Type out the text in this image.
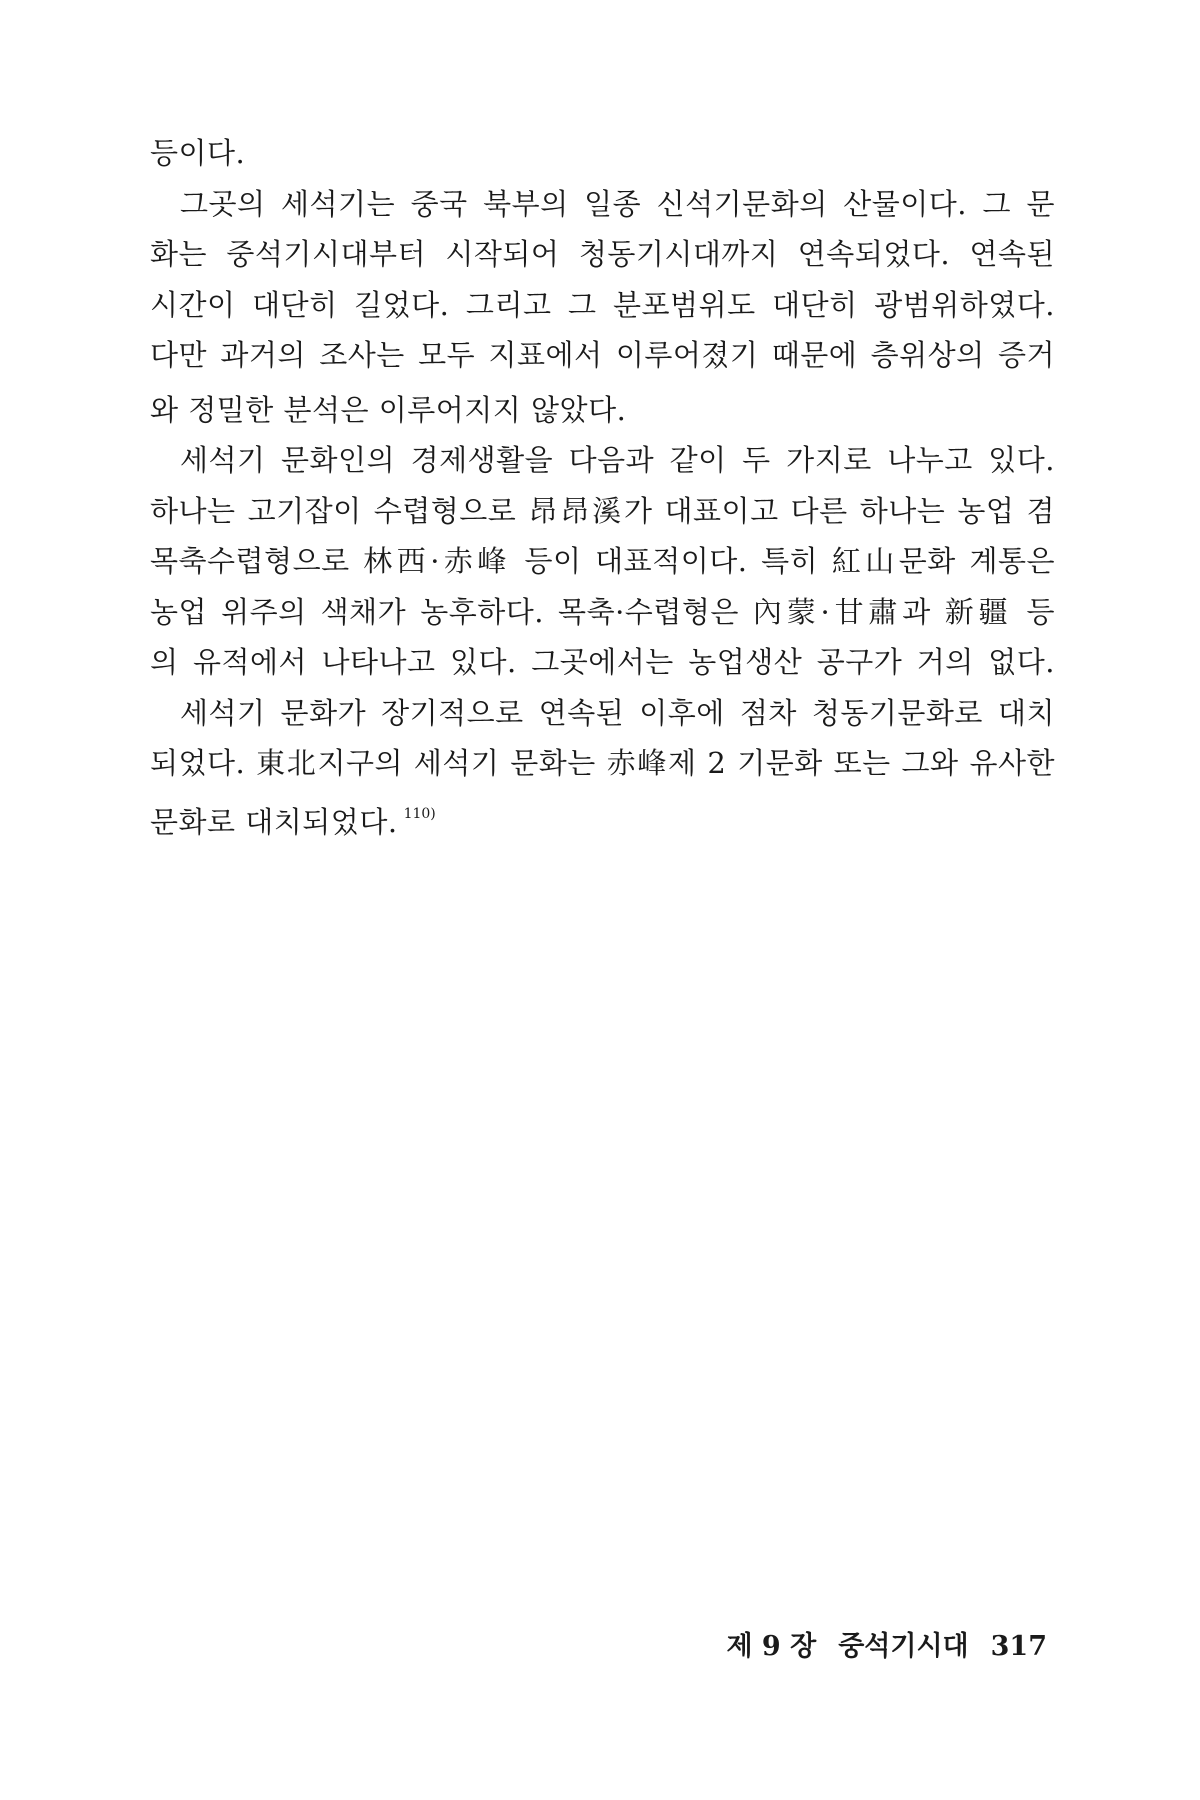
등이다.

그곳의 세석기는 중국 북부의 일종 신석기문화의 산물이다. 그 문
화는 중석기시대부터 시작되어 청동기시대까지 연속되었다. 연속된
시간이 대단히 길었다. 그리고 그 분포범위도 대단히 광범위하였다.
다만 과거의 조사는 모두 지표에서 이루어졌기 때문에 층위상의 증거
와 정밀한 분석은 이루어지지 않았다.

세석기 문화인의 경제생활을 다음과 같이 두 가지로 나누고 있다.
하나는 고기잡이 수렵형으로 昂昂溪가 대표이고 다른 하나는 농업 겸
목축수렵형으로 林西·赤峰 등이 대표적이다. 특히 紅山문화 계통은
농업 위주의 색채가 농후하다. 목축·수렵형은 內蒙·甘肅과 新疆 등
의 유적에서 나타나고 있다. 그곳에서는 농업생산 공구가 거의 없다.

세석기 문화가 장기적으로 연속된 이후에 점차 청동기문화로 대치
되었다. 東北지구의 세석기 문화는 赤峰제 2 기문화 또는 그와 유사한
문화로 대치되었다. $^{110)}$

제 9 장 중석기시대 317
